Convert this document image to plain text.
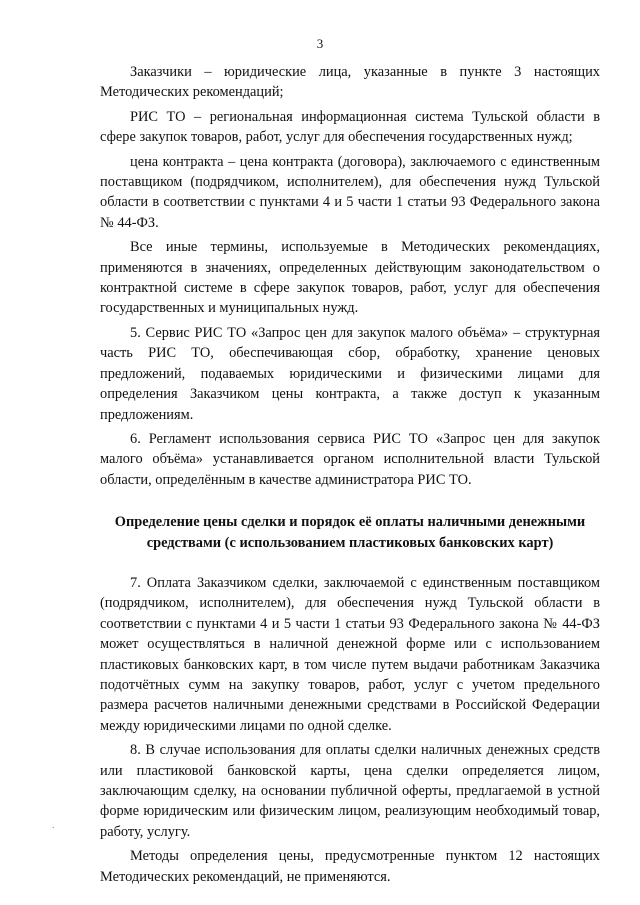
3

Заказчики – юридические лица, указанные в пункте 3 настоящих Методических рекомендаций;

РИС ТО – региональная информационная система Тульской области в сфере закупок товаров, работ, услуг для обеспечения государственных нужд;

цена контракта – цена контракта (договора), заключаемого с единственным поставщиком (подрядчиком, исполнителем), для обеспечения нужд Тульской области в соответствии с пунктами 4 и 5 части 1 статьи 93 Федерального закона № 44-ФЗ.

Все иные термины, используемые в Методических рекомендациях, применяются в значениях, определенных действующим законодательством о контрактной системе в сфере закупок товаров, работ, услуг для обеспечения государственных и муниципальных нужд.

5. Сервис РИС ТО «Запрос цен для закупок малого объёма» – структурная часть РИС ТО, обеспечивающая сбор, обработку, хранение ценовых предложений, подаваемых юридическими и физическими лицами для определения Заказчиком цены контракта, а также доступ к указанным предложениям.

6. Регламент использования сервиса РИС ТО «Запрос цен для закупок малого объёма» устанавливается органом исполнительной власти Тульской области, определённым в качестве администратора РИС ТО.

Определение цены сделки и порядок её оплаты наличными денежными средствами (с использованием пластиковых банковских карт)

7. Оплата Заказчиком сделки, заключаемой с единственным поставщиком (подрядчиком, исполнителем), для обеспечения нужд Тульской области в соответствии с пунктами 4 и 5 части 1 статьи 93 Федерального закона № 44-ФЗ может осуществляться в наличной денежной форме или с использованием пластиковых банковских карт, в том числе путем выдачи работникам Заказчика подотчётных сумм на закупку товаров, работ, услуг с учетом предельного размера расчетов наличными денежными средствами в Российской Федерации между юридическими лицами по одной сделке.

8. В случае использования для оплаты сделки наличных денежных средств или пластиковой банковской карты, цена сделки определяется лицом, заключающим сделку, на основании публичной оферты, предлагаемой в устной форме юридическим или физическим лицом, реализующим необходимый товар, работу, услугу.

Методы определения цены, предусмотренные пунктом 12 настоящих Методических рекомендаций, не применяются.

.
